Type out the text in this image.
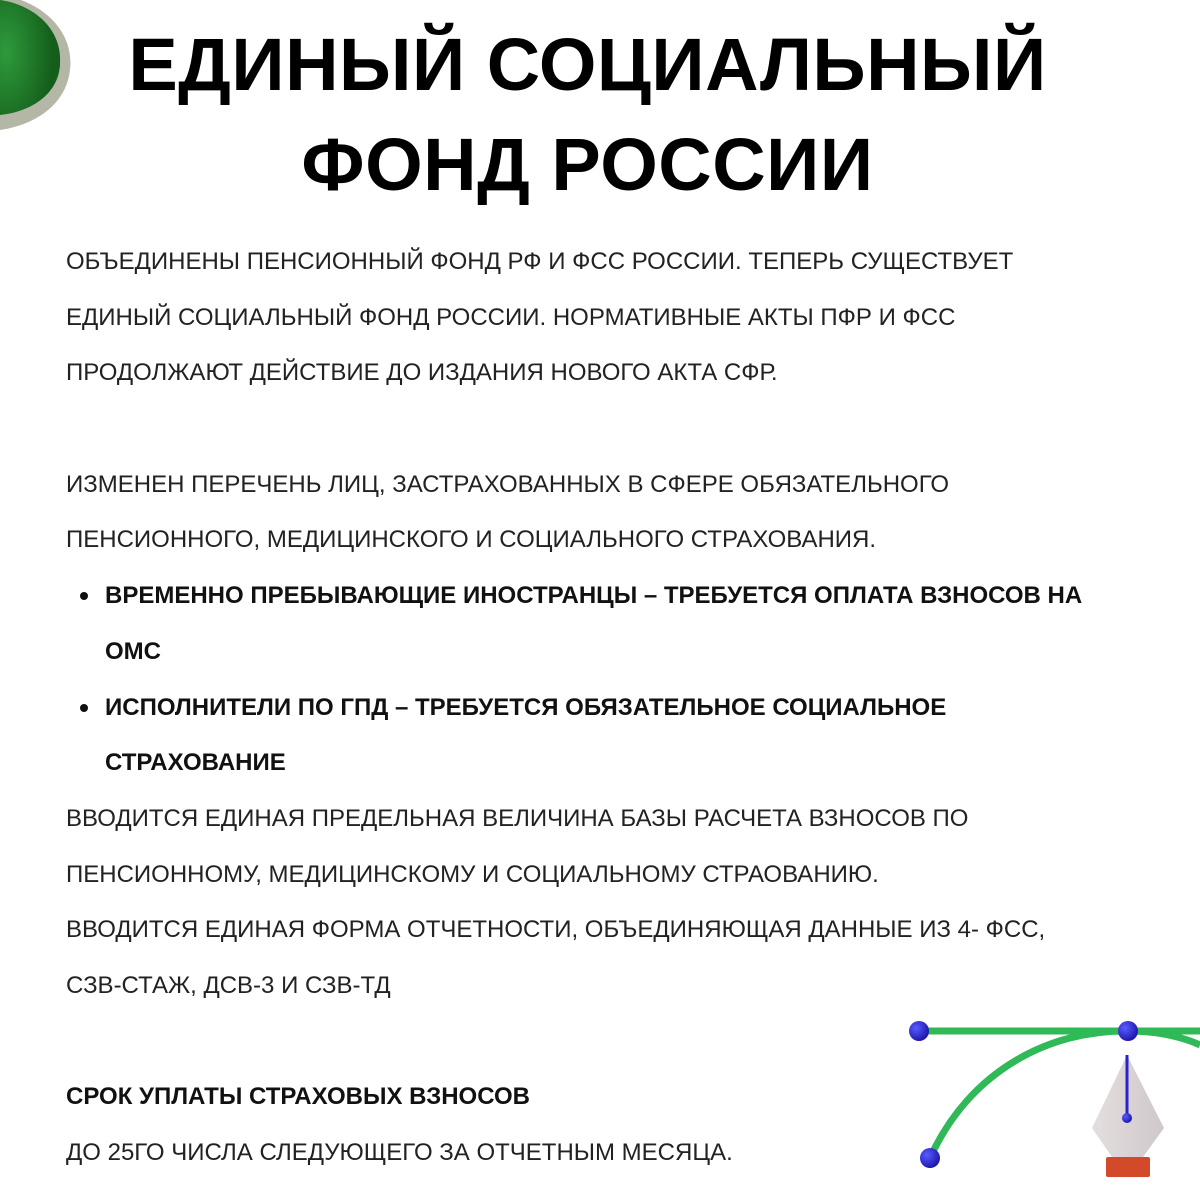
ЕДИНЫЙ СОЦИАЛЬНЫЙ
ФОНД РОССИИ
ОБЪЕДИНЕНЫ ПЕНСИОННЫЙ ФОНД РФ И ФСС РОССИИ. ТЕПЕРЬ СУЩЕСТВУЕТ
ЕДИНЫЙ СОЦИАЛЬНЫЙ ФОНД РОССИИ. НОРМАТИВНЫЕ АКТЫ ПФР И ФСС
ПРОДОЛЖАЮТ ДЕЙСТВИЕ ДО ИЗДАНИЯ НОВОГО АКТА СФР.
ИЗМЕНЕН ПЕРЕЧЕНЬ ЛИЦ, ЗАСТРАХОВАННЫХ В СФЕРЕ ОБЯЗАТЕЛЬНОГО
ПЕНСИОННОГО, МЕДИЦИНСКОГО И СОЦИАЛЬНОГО СТРАХОВАНИЯ.
ВРЕМЕННО ПРЕБЫВАЮЩИЕ ИНОСТРАНЦЫ – ТРЕБУЕТСЯ ОПЛАТА ВЗНОСОВ НА
ОМС
ИСПОЛНИТЕЛИ ПО ГПД – ТРЕБУЕТСЯ ОБЯЗАТЕЛЬНОЕ СОЦИАЛЬНОЕ
СТРАХОВАНИЕ
ВВОДИТСЯ ЕДИНАЯ ПРЕДЕЛЬНАЯ ВЕЛИЧИНА БАЗЫ РАСЧЕТА ВЗНОСОВ ПО
ПЕНСИОННОМУ, МЕДИЦИНСКОМУ И СОЦИАЛЬНОМУ СТРАОВАНИЮ.
ВВОДИТСЯ ЕДИНАЯ ФОРМА ОТЧЕТНОСТИ, ОБЪЕДИНЯЮЩАЯ ДАННЫЕ ИЗ 4- ФСС,
СЗВ-СТАЖ, ДСВ-3 И СЗВ-ТД
СРОК УПЛАТЫ СТРАХОВЫХ ВЗНОСОВ
ДО 25ГО ЧИСЛА СЛЕДУЮЩЕГО ЗА ОТЧЕТНЫМ МЕСЯЦА.
